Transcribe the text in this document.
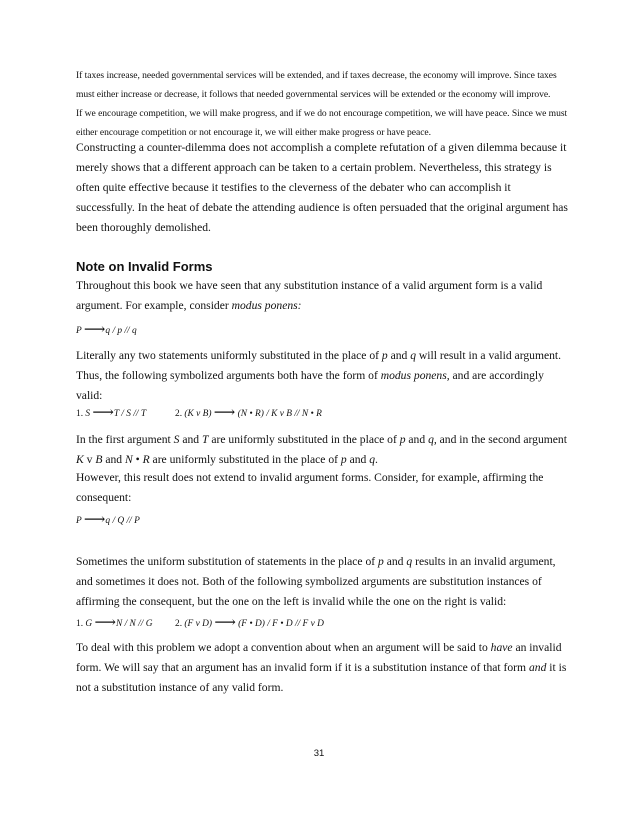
If taxes increase, needed governmental services will be extended, and if taxes decrease, the economy will improve. Since taxes

must either increase or decrease, it follows that needed governmental services will be extended or the economy will improve.

If we encourage competition, we will make progress, and if we do not encourage competition, we will have peace. Since we must

either encourage competition or not encourage it, we will either make progress or have peace.

Constructing a counter-dilemma does not accomplish a complete refutation of a given dilemma because it

merely shows that a different approach can be taken to a certain problem. Nevertheless, this strategy is

often quite effective because it testifies to the cleverness of the debater who can accomplish it

successfully. In the heat of debate the attending audience is often persuaded that the original argument has

been thoroughly demolished.

Note on Invalid Forms

Throughout this book we have seen that any substitution instance of a valid argument form is a valid

argument. For example, consider modus ponens:

P ⟶q / p // q

Literally any two statements uniformly substituted in the place of p and q will result in a valid argument.

Thus, the following symbolized arguments both have the form of modus ponens, and are accordingly

valid:

1. S ⟶T / S // T	2. (K v B) ⟶ (N • R) / K v B // N • R

In the first argument S and T are uniformly substituted in the place of p and q, and in the second argument

K v B and N • R are uniformly substituted in the place of p and q.

However, this result does not extend to invalid argument forms. Consider, for example, affirming the

consequent:

P ⟶q / Q // P

Sometimes the uniform substitution of statements in the place of p and q results in an invalid argument,

and sometimes it does not. Both of the following symbolized arguments are substitution instances of

affirming the consequent, but the one on the left is invalid while the one on the right is valid:

1. G ⟶N / N // G 2. (F v D) ⟶ (F • D) / F • D // F v D

To deal with this problem we adopt a convention about when an argument will be said to have an invalid

form. We will say that an argument has an invalid form if it is a substitution instance of that form and it is

not a substitution instance of any valid form.

31
